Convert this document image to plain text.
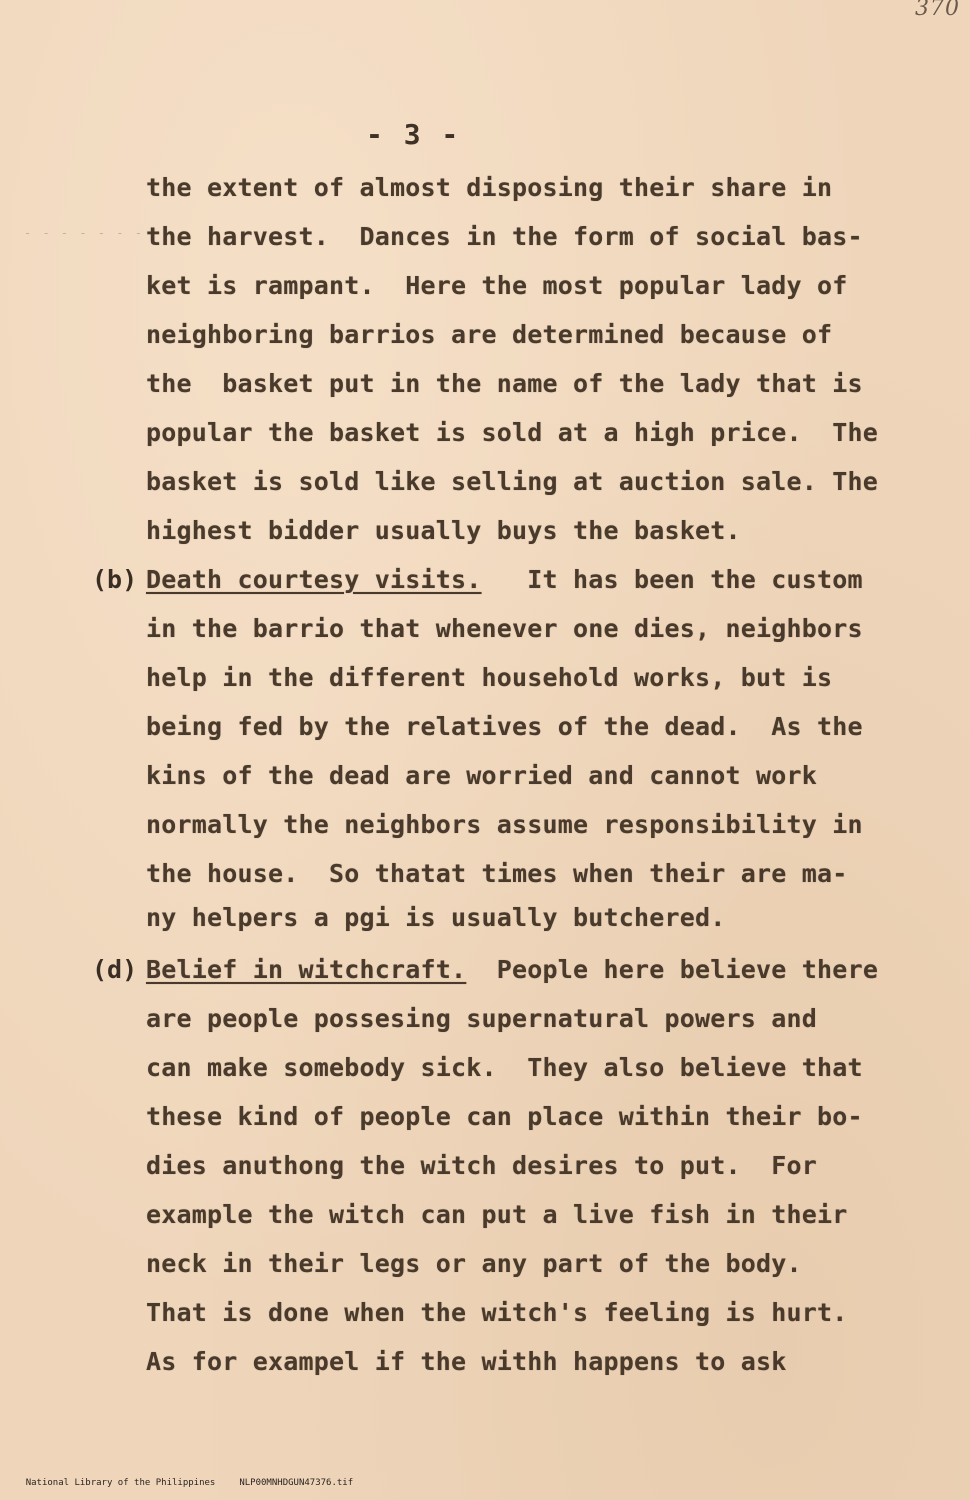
370
- - - - - - -
- 3 -
the extent of almost disposing their share in
the harvest.  Dances in the form of social bas-
ket is rampant.  Here the most popular lady of
neighboring barrios are determined because of
the  basket put in the name of the lady that is
popular the basket is sold at a high price.  The
basket is sold like selling at auction sale. The
highest bidder usually buys the basket.
(b) Death courtesy visits.   It has been the custom
in the barrio that whenever one dies, neighbors
help in the different household works, but is
being fed by the relatives of the dead.  As the
kins of the dead are worried and cannot work
normally the neighbors assume responsibility in
the house.  So thatat times when their are ma-
ny helpers a pgi is usually butchered.
(d) Belief in witchcraft.  People here believe there
are people possesing supernatural powers and
can make somebody sick.  They also believe that
these kind of people can place within their bo-
dies anuthong the witch desires to put.  For
example the witch can put a live fish in their
neck in their legs or any part of the body.
That is done when the witch's feeling is hurt.
As for exampel if the withh happens to ask

National Library of the Philippines	NLP00MNHDGUN47376.tif
